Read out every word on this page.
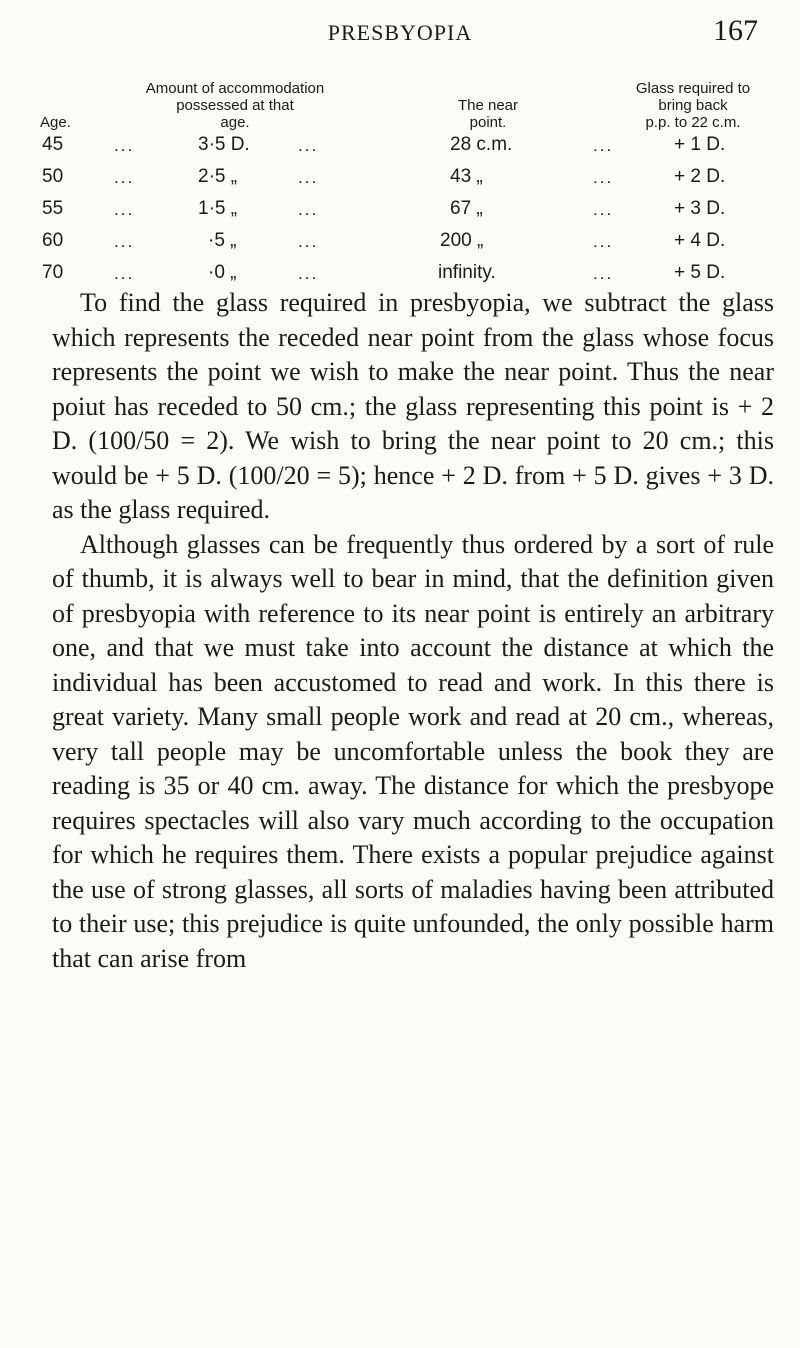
PRESBYOPIA	167
Age.
Amount of accommodation
possessed at that
age.
The near
point.
Glass required to
bring back
p.p. to 22 c.m.
45	...	3·5 D.	...	28 c.m.	...	+ 1 D.
50	...	2·5 „	...	43 „	...	+ 2 D.
55	...	1·5 „	...	67 „	...	+ 3 D.
60	...	·5 „	...	200 „	...	+ 4 D.
70	...	·0 „	...	infinity.	...	+ 5 D.

To find the glass required in presbyopia, we subtract the glass which represents the receded near point from the glass whose focus represents the point we wish to make the near point. Thus the near poiut has receded to 50 cm.; the glass representing this point is + 2 D. (100/50 = 2). We wish to bring the near point to 20 cm.; this would be + 5 D. (100/20 = 5); hence + 2 D. from + 5 D. gives + 3 D. as the glass required.

Although glasses can be frequently thus ordered by a sort of rule of thumb, it is always well to bear in mind, that the definition given of presbyopia with reference to its near point is entirely an arbitrary one, and that we must take into account the distance at which the individual has been accustomed to read and work. In this there is great variety. Many small people work and read at 20 cm., whereas, very tall people may be uncomfortable unless the book they are reading is 35 or 40 cm. away. The distance for which the presbyope requires spectacles will also vary much according to the occupation for which he requires them. There exists a popular prejudice against the use of strong glasses, all sorts of maladies having been attributed to their use; this prejudice is quite unfounded, the only possible harm that can arise from
